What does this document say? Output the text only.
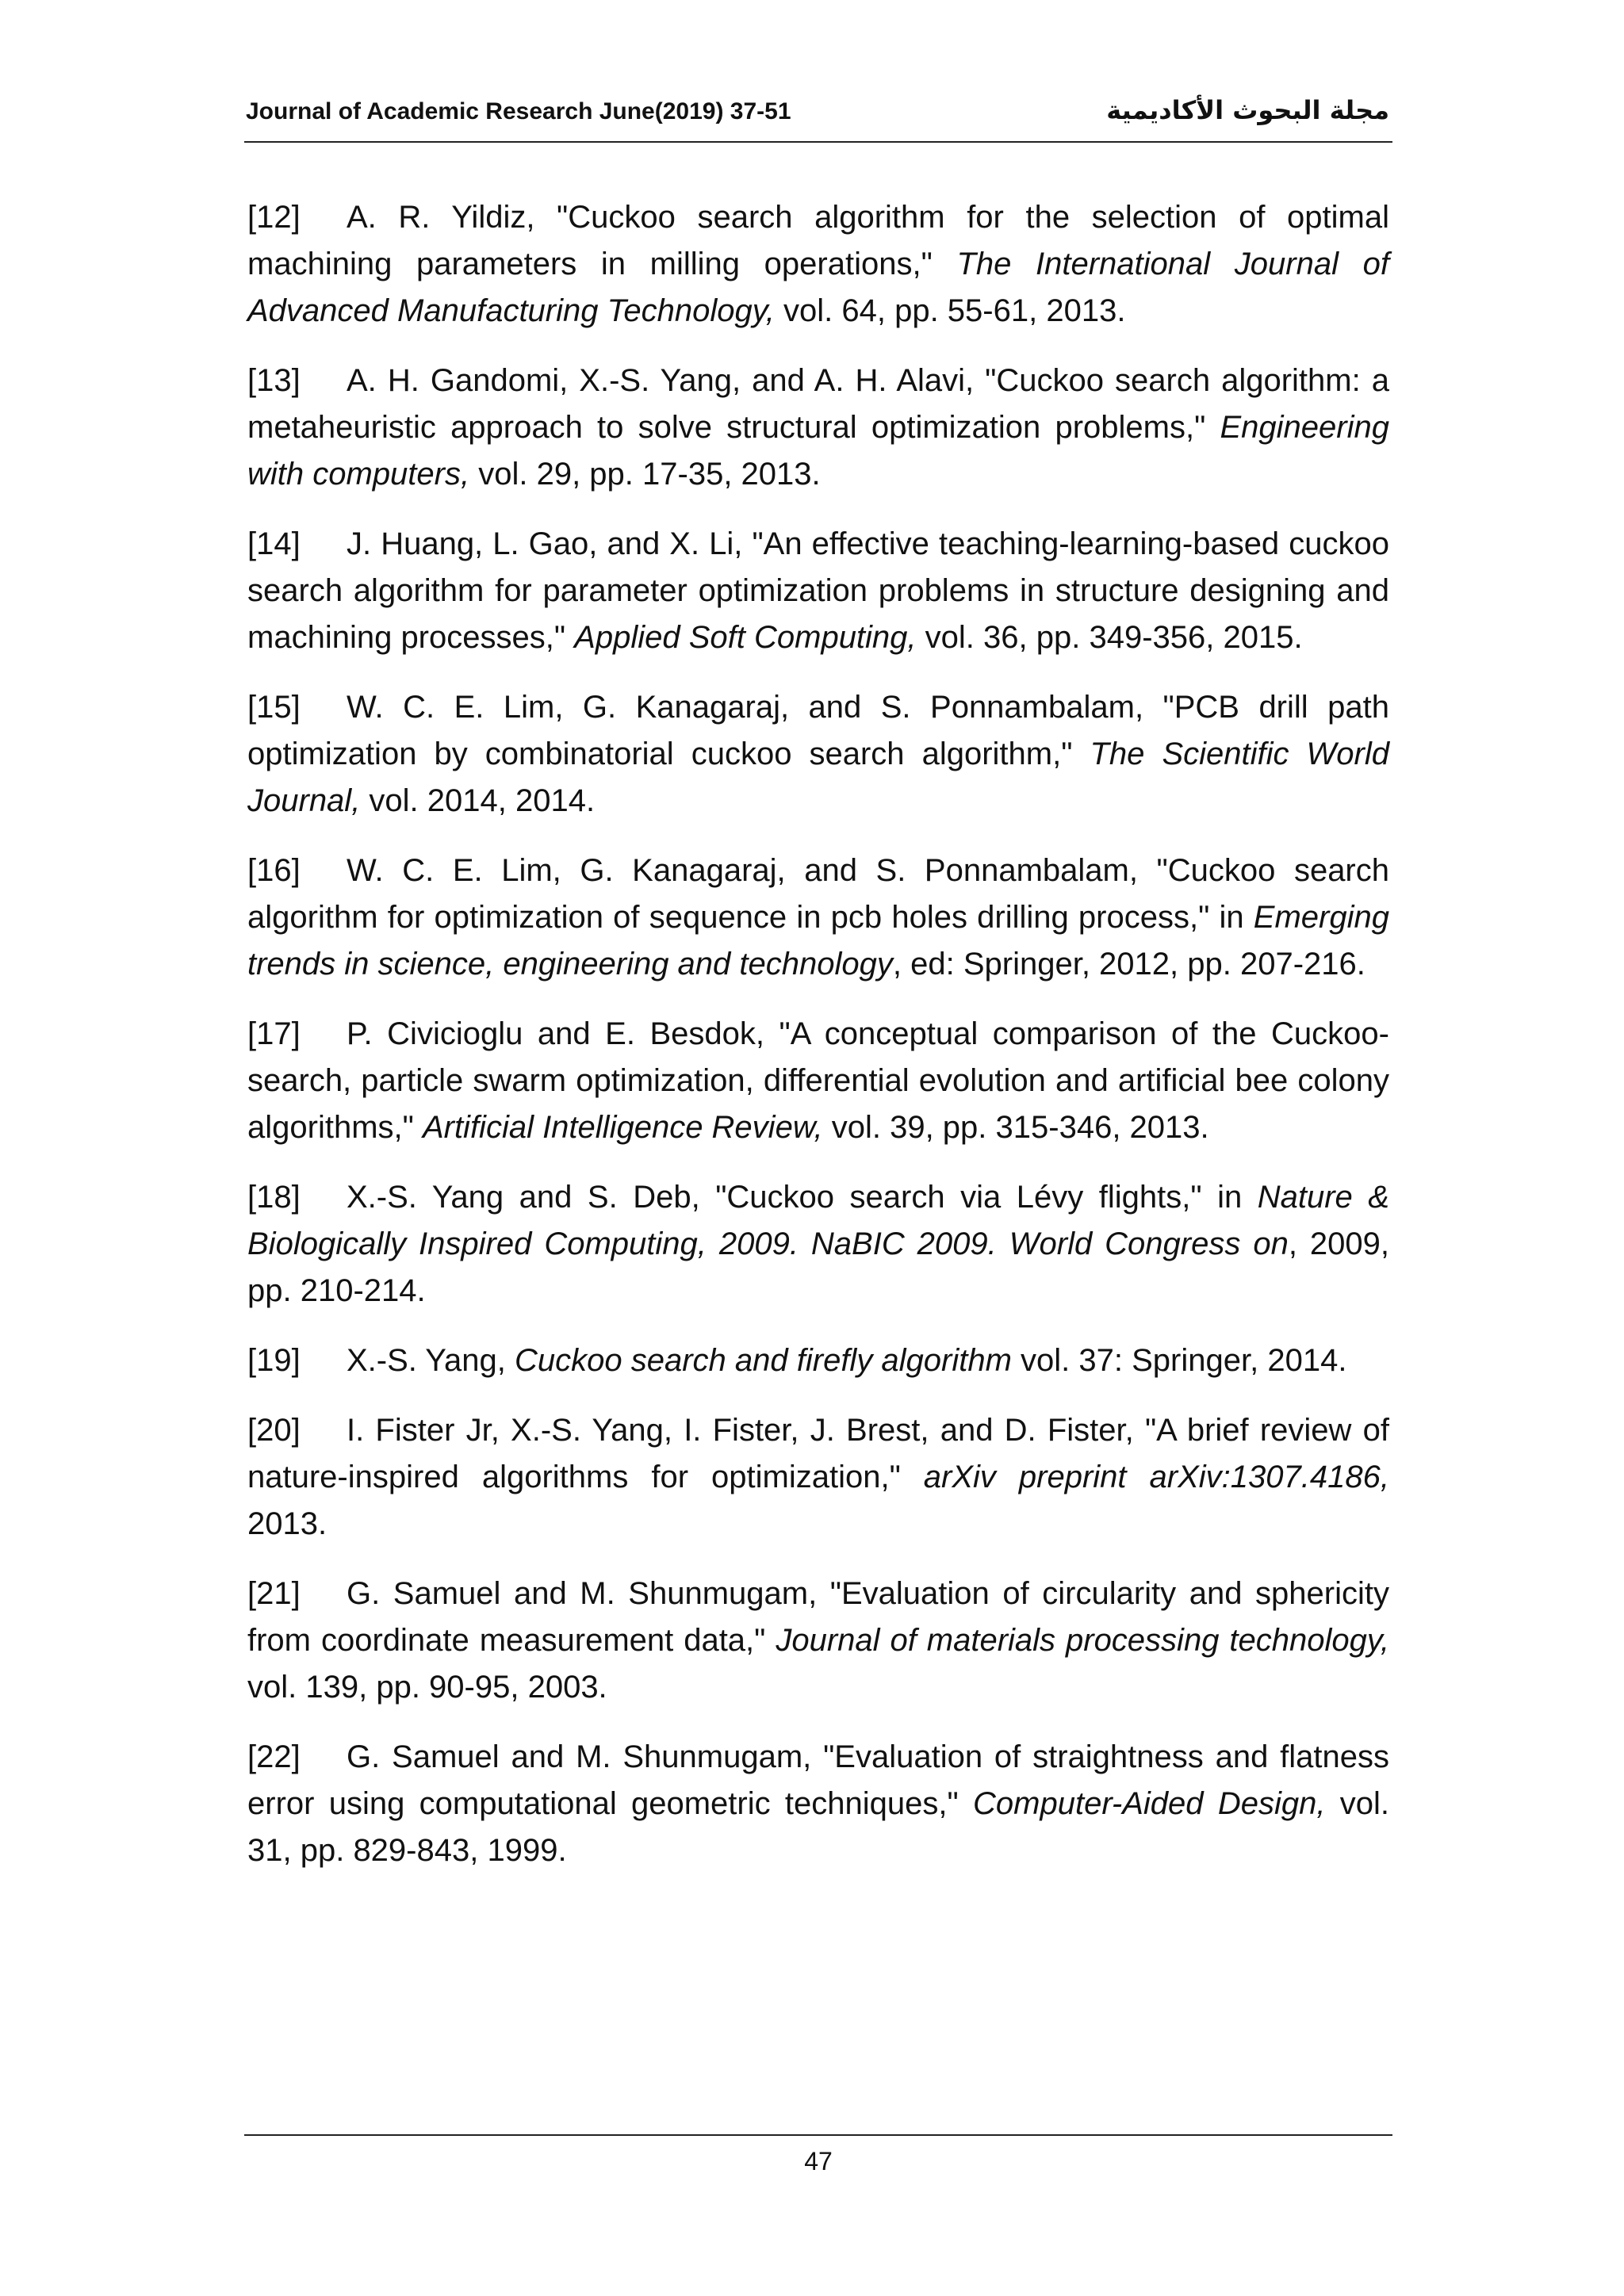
Journal of Academic Research June(2019) 37-51	مجلة البحوث الأكاديمية

[12] A. R. Yildiz, "Cuckoo search algorithm for the selection of optimal machining parameters in milling operations," The International Journal of Advanced Manufacturing Technology, vol. 64, pp. 55-61, 2013.

[13] A. H. Gandomi, X.-S. Yang, and A. H. Alavi, "Cuckoo search algorithm: a metaheuristic approach to solve structural optimization problems," Engineering with computers, vol. 29, pp. 17-35, 2013.

[14] J. Huang, L. Gao, and X. Li, "An effective teaching-learning-based cuckoo search algorithm for parameter optimization problems in structure designing and machining processes," Applied Soft Computing, vol. 36, pp. 349-356, 2015.

[15] W. C. E. Lim, G. Kanagaraj, and S. Ponnambalam, "PCB drill path optimization by combinatorial cuckoo search algorithm," The Scientific World Journal, vol. 2014, 2014.

[16] W. C. E. Lim, G. Kanagaraj, and S. Ponnambalam, "Cuckoo search algorithm for optimization of sequence in pcb holes drilling process," in Emerging trends in science, engineering and technology, ed: Springer, 2012, pp. 207-216.

[17] P. Civicioglu and E. Besdok, "A conceptual comparison of the Cuckoo-search, particle swarm optimization, differential evolution and artificial bee colony algorithms," Artificial Intelligence Review, vol. 39, pp. 315-346, 2013.

[18] X.-S. Yang and S. Deb, "Cuckoo search via Lévy flights," in Nature & Biologically Inspired Computing, 2009. NaBIC 2009. World Congress on, 2009, pp. 210-214.

[19] X.-S. Yang, Cuckoo search and firefly algorithm vol. 37: Springer, 2014.

[20] I. Fister Jr, X.-S. Yang, I. Fister, J. Brest, and D. Fister, "A brief review of nature-inspired algorithms for optimization," arXiv preprint arXiv:1307.4186, 2013.

[21] G. Samuel and M. Shunmugam, "Evaluation of circularity and sphericity from coordinate measurement data," Journal of materials processing technology, vol. 139, pp. 90-95, 2003.

[22] G. Samuel and M. Shunmugam, "Evaluation of straightness and flatness error using computational geometric techniques," Computer-Aided Design, vol. 31, pp. 829-843, 1999.

47
